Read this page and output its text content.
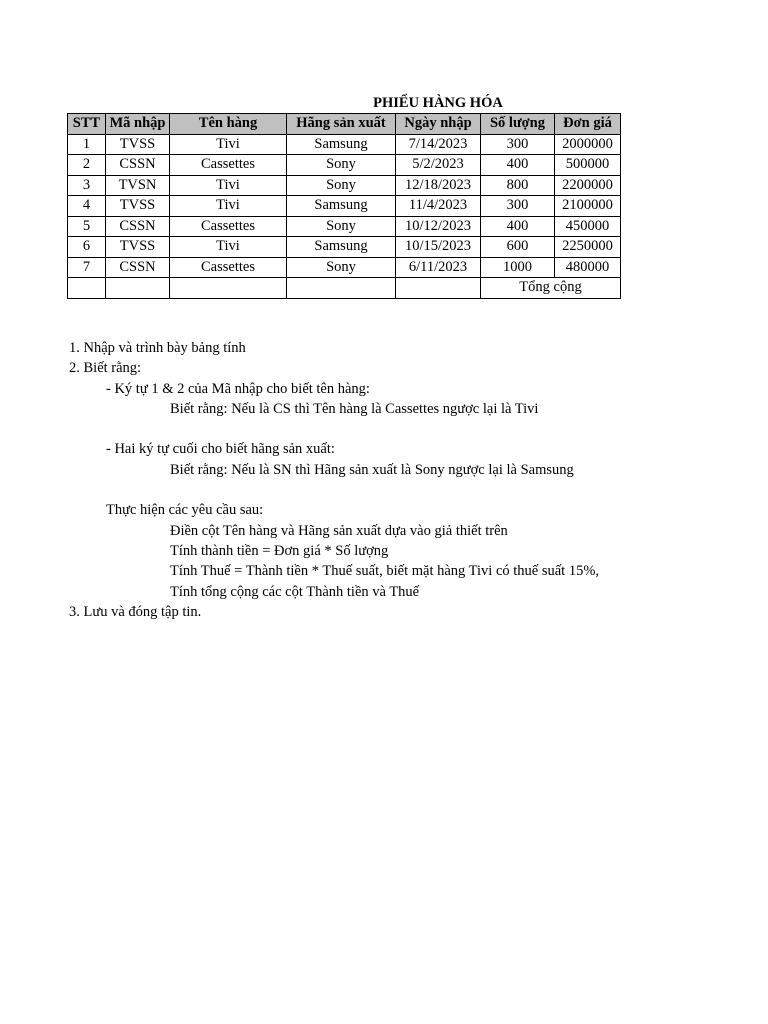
PHIẾU HÀNG HÓA
STT	Mã nhập	Tên hàng	Hãng sản xuất	Ngày nhập	Số lượng	Đơn giá
1	TVSS	Tivi	Samsung	7/14/2023	300	2000000
2	CSSN	Cassettes	Sony	5/2/2023	400	500000
3	TVSN	Tivi	Sony	12/18/2023	800	2200000
4	TVSS	Tivi	Samsung	11/4/2023	300	2100000
5	CSSN	Cassettes	Sony	10/12/2023	400	450000
6	TVSS	Tivi	Samsung	10/15/2023	600	2250000
7	CSSN	Cassettes	Sony	6/11/2023	1000	480000
					Tổng cộng	
1. Nhập và trình bày bảng tính
2. Biết rằng:
- Ký tự 1 & 2 của Mã nhập cho biết tên hàng:
Biết rằng: Nếu là CS thì Tên hàng là Cassettes ngược lại là Tivi
- Hai ký tự cuối cho biết hãng sản xuất:
Biết rằng: Nếu là SN thì Hãng sản xuất là Sony ngược lại là Samsung
Thực hiện các yêu cầu sau:
Điền cột Tên hàng và Hãng sản xuất dựa vào giả thiết trên
Tính thành tiền = Đơn giá * Số lượng
Tính Thuế = Thành tiền * Thuế suất, biết mặt hàng Tivi có thuế suất 15%,
Tính tổng cộng các cột Thành tiền và Thuế
3. Lưu và đóng tập tin.
